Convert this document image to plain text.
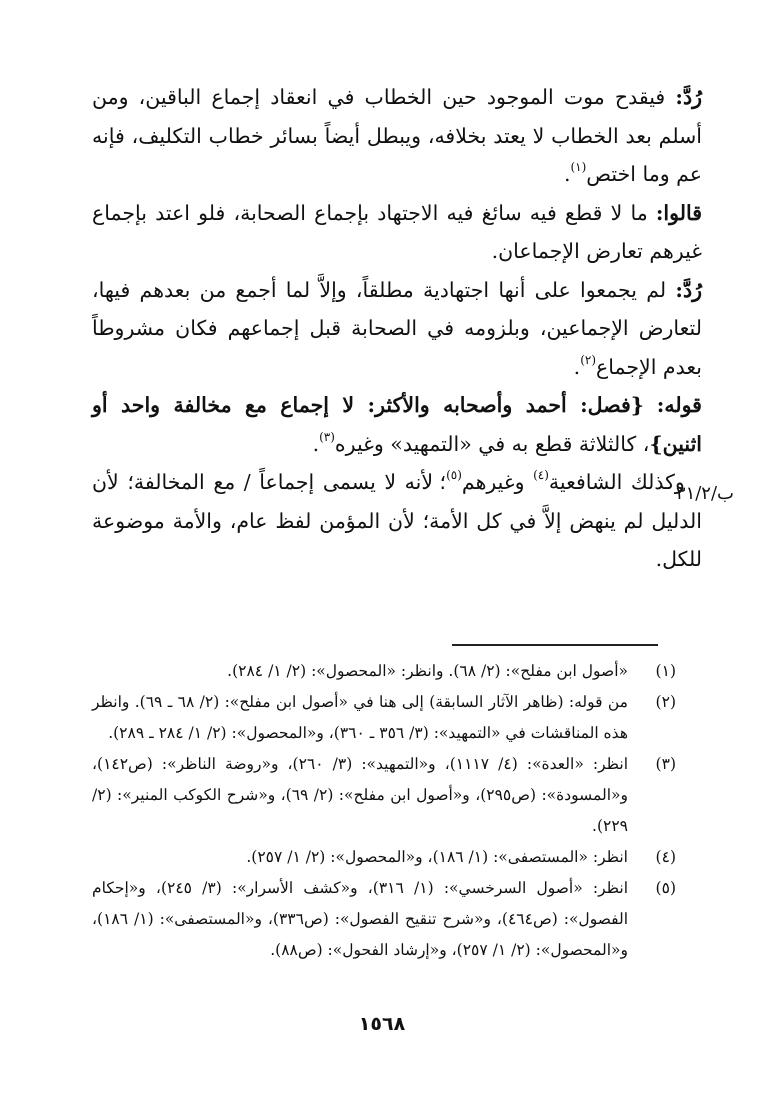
رُدَّ: فيقدح موت الموجود حين الخطاب في انعقاد إجماع الباقين، ومن أسلم بعد الخطاب لا يعتد بخلافه، ويبطل أيضاً بسائر خطاب التكليف، فإنه عم وما اختص$^{(١)}$.

قالوا: ما لا قطع فيه سائغ فيه الاجتهاد بإجماع الصحابة، فلو اعتد بإجماع غيرهم تعارض الإجماعان.

رُدَّ: لم يجمعوا على أنها اجتهادية مطلقاً، وإلاَّ لما أجمع من بعدهم فيها، لتعارض الإجماعين، وبلزومه في الصحابة قبل إجماعهم فكان مشروطاً بعدم الإجماع$^{(٢)}$.

قوله: {فصل: أحمد وأصحابه والأكثر: لا إجماع مع مخالفة واحد أو اثنين}، كالثلاثة قطع به في «التمهيد» وغيره$^{(٣)}$.

وكذلك الشافعية$^{(٤)}$ وغيرهم$^{(٥)}$؛ لأنه لا يسمى إجماعاً / مع المخالفة؛ لأن الدليل لم ينهض إلاَّ في كل الأمة؛ لأن المؤمن لفظ عام، والأمة موضوعة للكل.

ب/٣١/٢
(١)
«أصول ابن مفلح»: (٢/ ٦٨). وانظر: «المحصول»: (٢/ ١/ ٢٨٤).
(٢)
من قوله: (ظاهر الآثار السابقة) إلى هنا في «أصول ابن مفلح»: (٢/ ٦٨ ـ ٦٩). وانظر هذه المناقشات في «التمهيد»: (٣/ ٣٥٦ ـ ٣٦٠)، و«المحصول»: (٢/ ١/ ٢٨٤ ـ ٢٨٩).
(٣)
انظر: «العدة»: (٤/ ١١١٧)، و«التمهيد»: (٣/ ٢٦٠)، و«روضة الناظر»: (ص١٤٢)، و«المسودة»: (ص٢٩٥)، و«أصول ابن مفلح»: (٢/ ٦٩)، و«شرح الكوكب المنير»: (٢/ ٢٢٩).
(٤)
انظر: «المستصفى»: (١/ ١٨٦)، و«المحصول»: (٢/ ١/ ٢٥٧).
(٥)
انظر: «أصول السرخسي»: (١/ ٣١٦)، و«كشف الأسرار»: (٣/ ٢٤٥)، و«إحكام الفصول»: (ص٤٦٤)، و«شرح تنقيح الفصول»: (ص٣٣٦)، و«المستصفى»: (١/ ١٨٦)، و«المحصول»: (٢/ ١/ ٢٥٧)، و«إرشاد الفحول»: (ص٨٨).
١٥٦٨
